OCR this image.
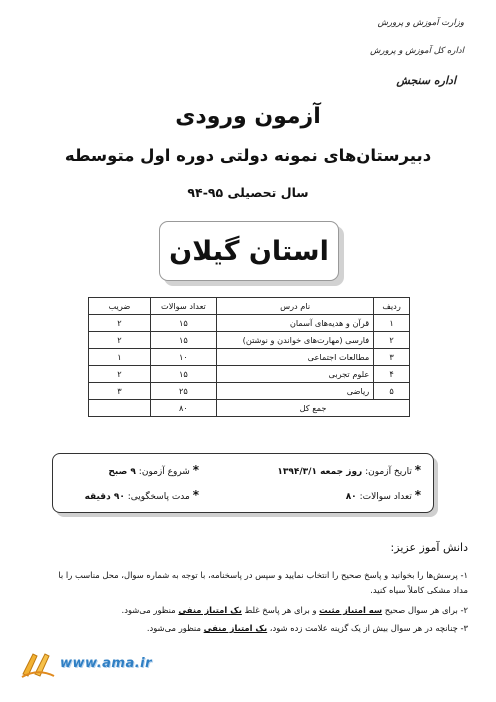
وزارت آموزش و پرورش
اداره کل آموزش و پرورش
اداره سنجش
آزمون ورودی
دبیرستان‌های نمونه دولتی دوره اول متوسطه
سال تحصیلی ۹۵-۹۴
استان گیلان
ردیف	نام درس	تعداد سوالات	ضریب
۱	قرآن و هدیه‌های آسمان	۱۵	۲
۲	فارسی (مهارت‌های خواندن و نوشتن)	۱۵	۲
۳	مطالعات اجتماعی	۱۰	۱
۴	علوم تجربی	۱۵	۲
۵	ریاضی	۲۵	۳
جمع کل		۸۰	
* تاریخ آزمون: روز جمعه ۱۳۹۴/۳/۱
* شروع آزمون: ۹ صبح
* تعداد سوالات: ۸۰
* مدت پاسخگویی: ۹۰ دقیقه
دانش آموز عزیز:
۱- پرسش‌ها را بخوانید و پاسخ صحیح را انتخاب نمایید و سپس در پاسخنامه، با توجه به شماره سوال، محل مناسب را با مداد مشکی کاملاً سیاه کنید.
۲- برای هر سوال صحیح سه امتیاز مثبت و برای هر پاسخ غلط یک امتیاز منفی منظور می‌شود.
۳- چنانچه در هر سوال بیش از یک گزینه علامت زده شود، یک امتیاز منفی منظور می‌شود.
www.ama.ir
